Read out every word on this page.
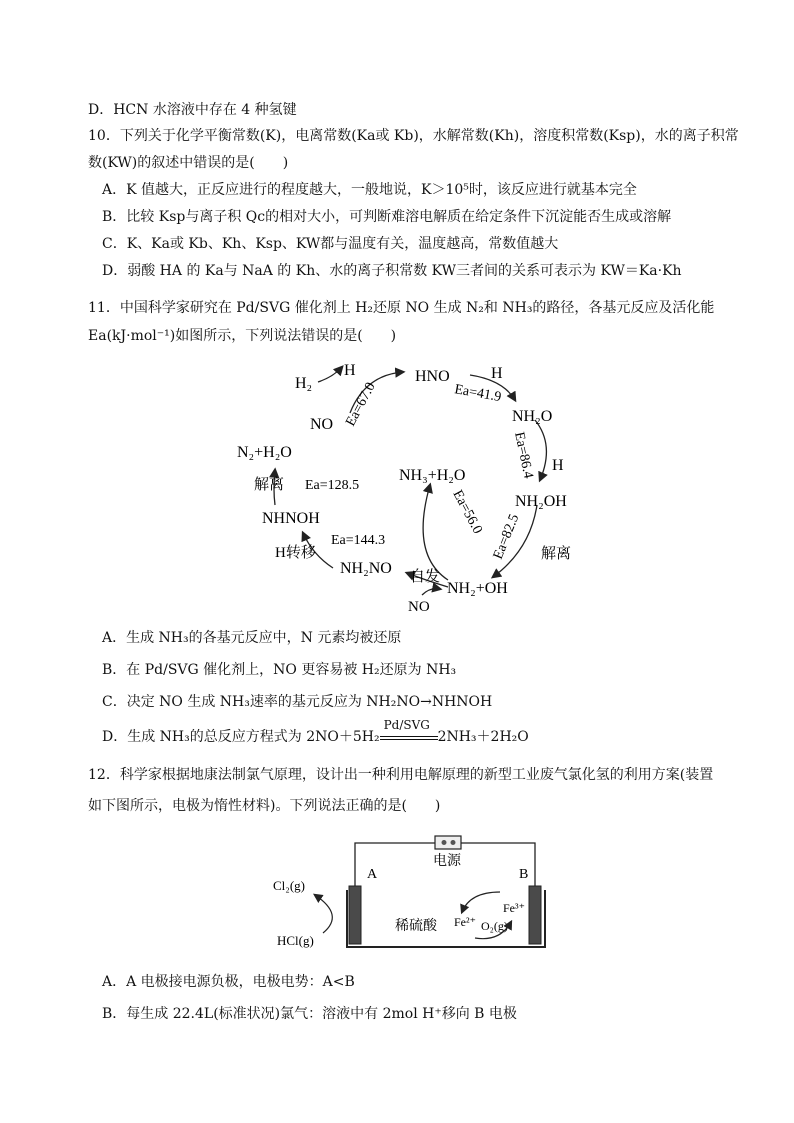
D．HCN 水溶液中存在 4 种氢键
10．下列关于化学平衡常数(K)，电离常数(Ka或 Kb)，水解常数(Kh)，溶度积常数(Ksp)，水的离子积常
数(KW)的叙述中错误的是(　　)
A．K 值越大，正反应进行的程度越大，一般地说，K＞10⁵时，该反应进行就基本完全
B．比较 Ksp与离子积 Qc的相对大小，可判断难溶电解质在给定条件下沉淀能否生成或溶解
C．K、Ka或 Kb、Kh、Ksp、KW都与温度有关，温度越高，常数值越大
D．弱酸 HA 的 Ka与 NaA 的 Kh、水的离子积常数 KW三者间的关系可表示为 KW＝Ka·Kh
11．中国科学家研究在 Pd/SVG 催化剂上 H₂还原 NO 生成 N₂和 NH₃的路径，各基元反应及活化能
Ea(kJ·mol⁻¹)如图所示，下列说法错误的是(　　)
H₂
H
NO Ea=67.0
HNO	H
Ea=41.9
NH₂O
Ea=86.4 H
NH₂OH
Ea=82.5 解离
NH₂+OH
自发
NO
NH₂NO
Ea=144.3
H转移
NHNOH
Ea=128.5
解离
N₂+H₂O
NH₃+H₂O
Ea=56.0
A．生成 NH₃的各基元反应中，N 元素均被还原
B．在 Pd/SVG 催化剂上，NO 更容易被 H₂还原为 NH₃
C．决定 NO 生成 NH₃速率的基元反应为 NH₂NO→NHNOH
D．生成 NH₃的总反应方程式为 2NO＋5H₂
Pd/SVG
2NH₃＋2H₂O
12．科学家根据地康法制氯气原理，设计出一种利用电解原理的新型工业废气氯化氢的利用方案(装置
如下图所示，电极为惰性材料)。下列说法正确的是(　　)
电源
A	B
Cl₂(g)
HCl(g)
稀硫酸
Fe³⁺
Fe²⁺ O₂(g)
A．A 电极接电源负极，电极电势：A<B
B．每生成 22.4L(标准状况)氯气：溶液中有 2mol H⁺移向 B 电极
